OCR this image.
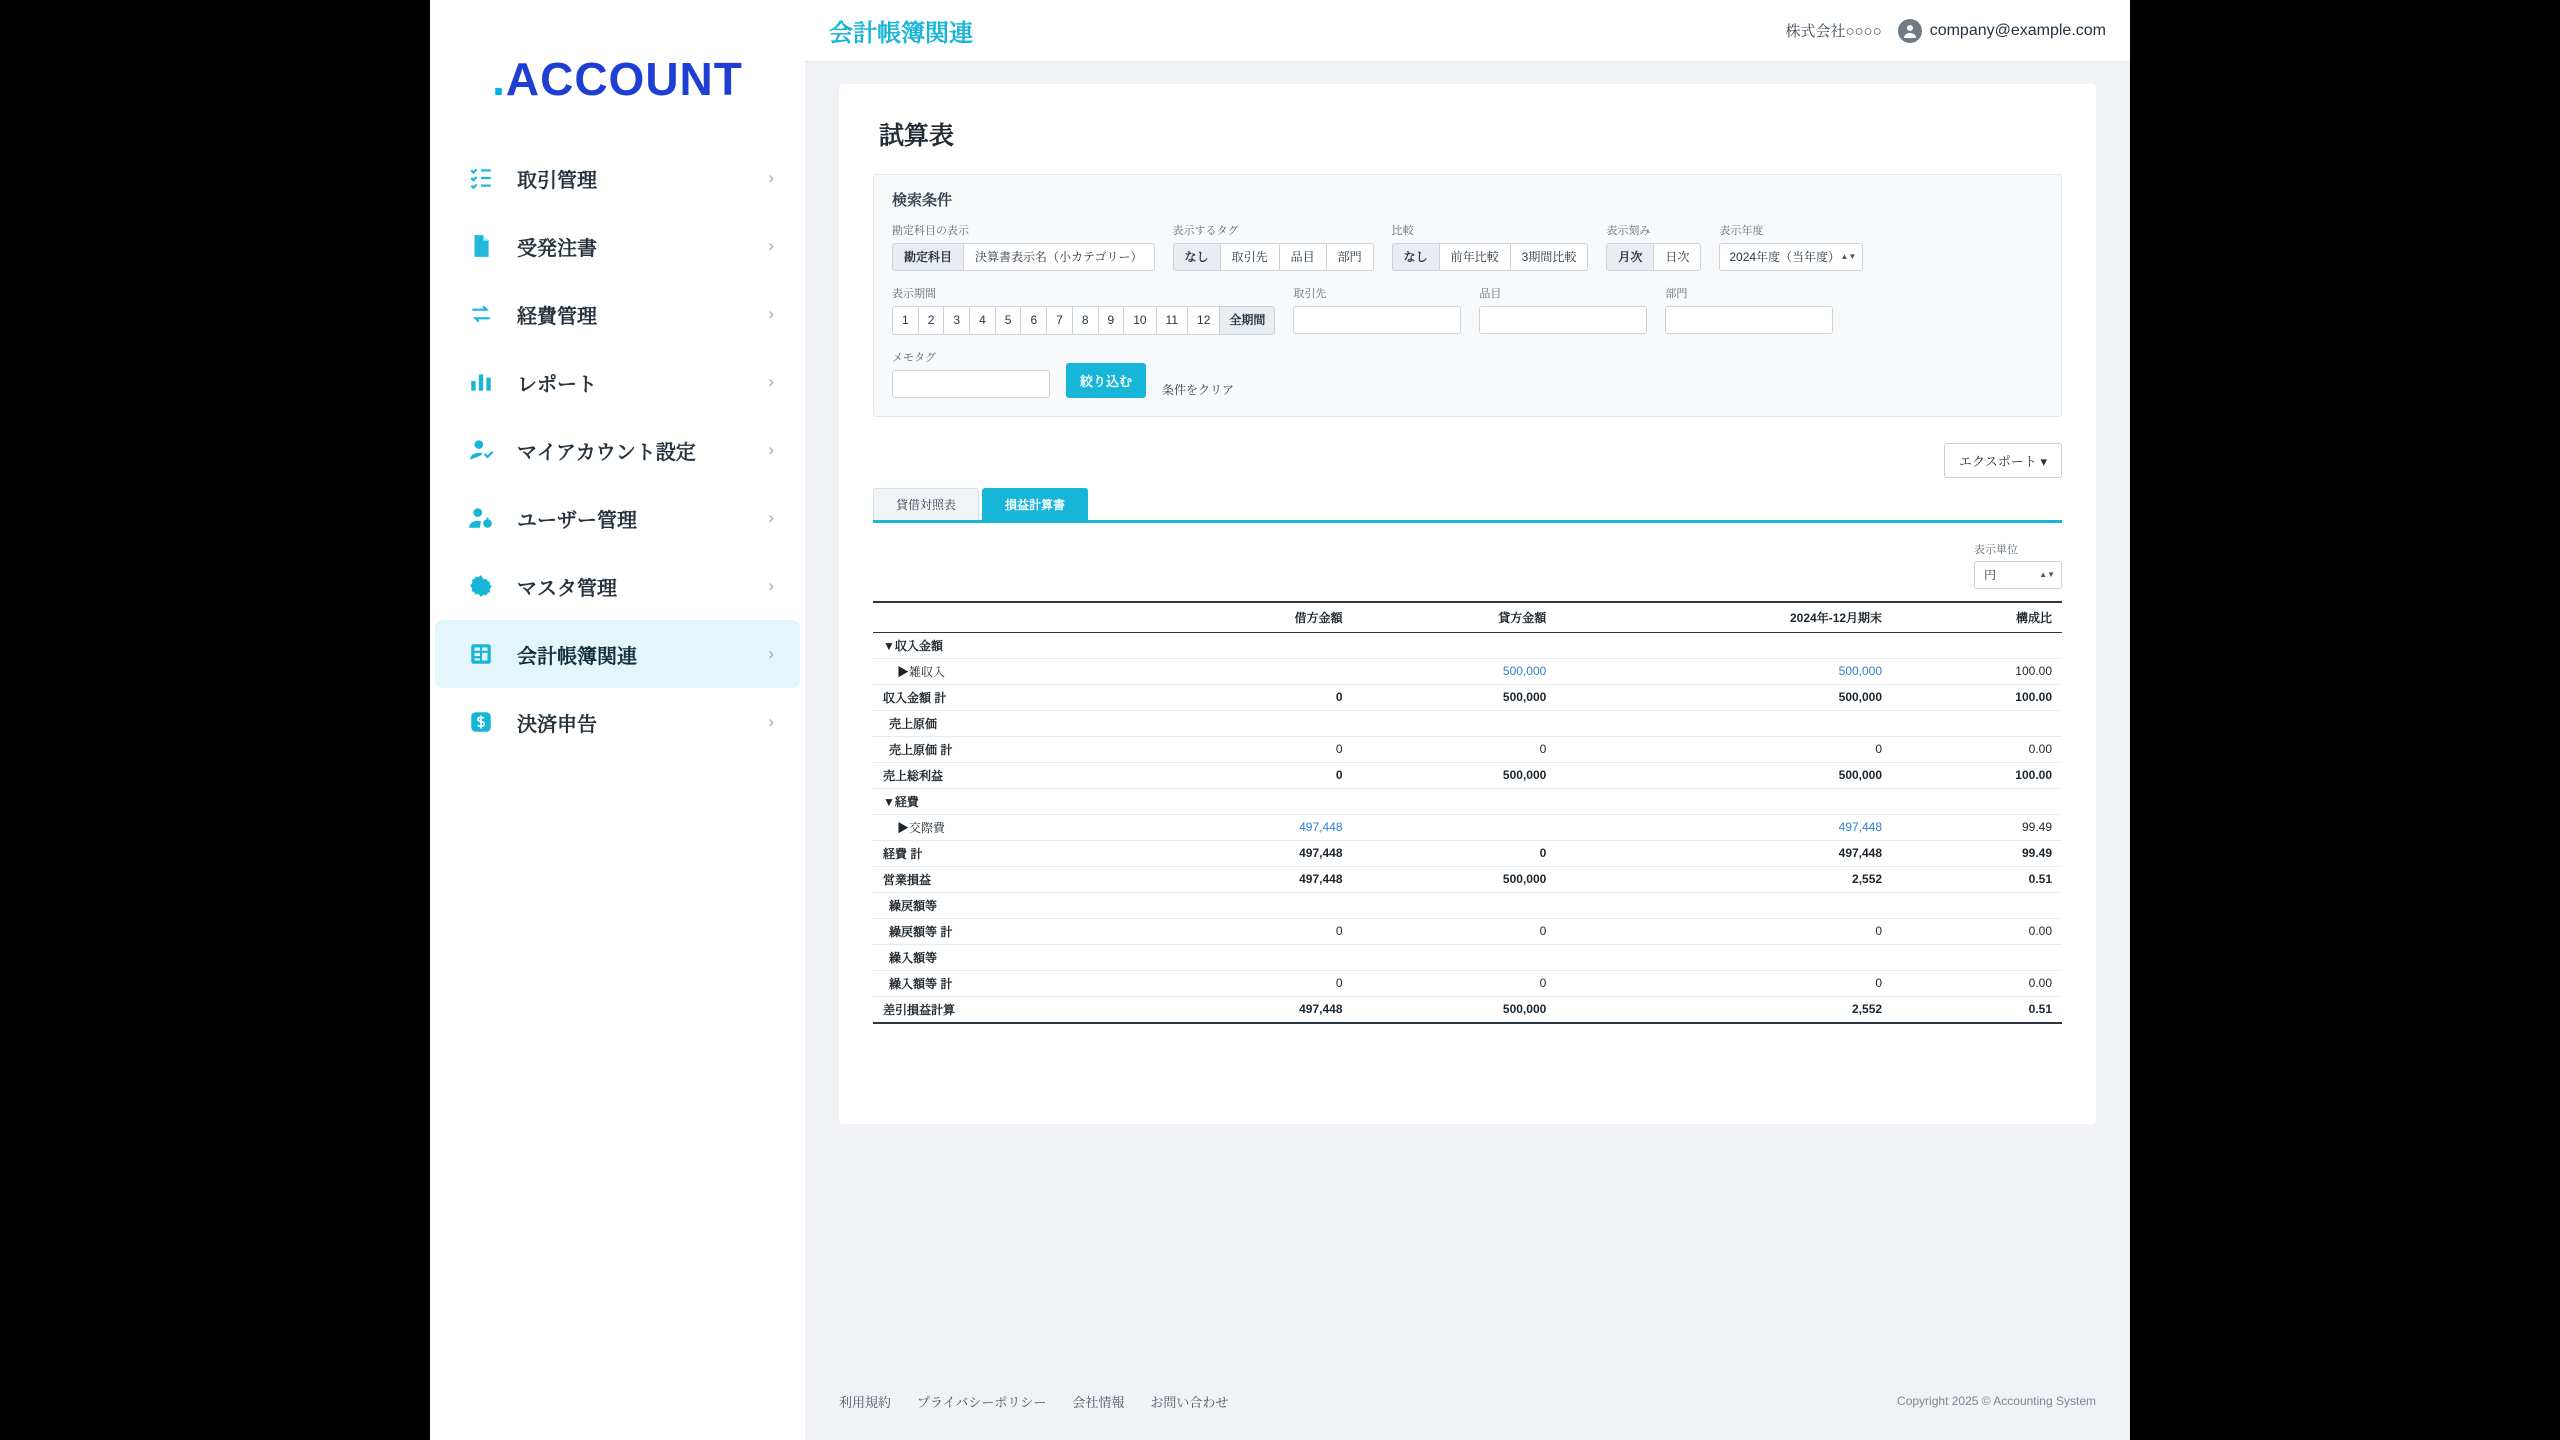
.ACCOUNT
取引管理	›
受発注書	›
経費管理	›
レポート	›
マイアカウント設定	›
ユーザー管理	›
マスタ管理	›
会計帳簿関連	›
決済申告	›
会計帳簿関連	株式会社○○○○	company@example.com
試算表
検索条件
勘定科目の表示
勘定科目	決算書表示名（小カテゴリー）
表示するタグ
なし	取引先	品目	部門
比較
なし	前年比較	3期間比較
表示刻み
月次	日次
表示年度
2024年度（当年度）
▲▼
表示期間
1	2	3	4	5	6	7	8	9	10	11	12	全期間
取引先	品目	部門
メモタグ
絞り込む
条件をクリア
エクスポート ▾
貸借対照表	損益計算書
表示単位
円
▲▼
	借方金額	貸方金額	2024年-12月期末	構成比
▼収入金額				
▶雑収入		500,000	500,000	100.00
収入金額 計	0	500,000	500,000	100.00
売上原価				
売上原価 計	0	0	0	0.00
売上総利益	0	500,000	500,000	100.00
▼経費				
▶交際費	497,448		497,448	99.49
経費 計	497,448	0	497,448	99.49
営業損益	497,448	500,000	2,552	0.51
繰戻額等				
繰戻額等 計	0	0	0	0.00
繰入額等				
繰入額等 計	0	0	0	0.00
差引損益計算	497,448	500,000	2,552	0.51
利用規約 プライバシーポリシー 会社情報 お問い合わせ	Copyright 2025 © Accounting System
